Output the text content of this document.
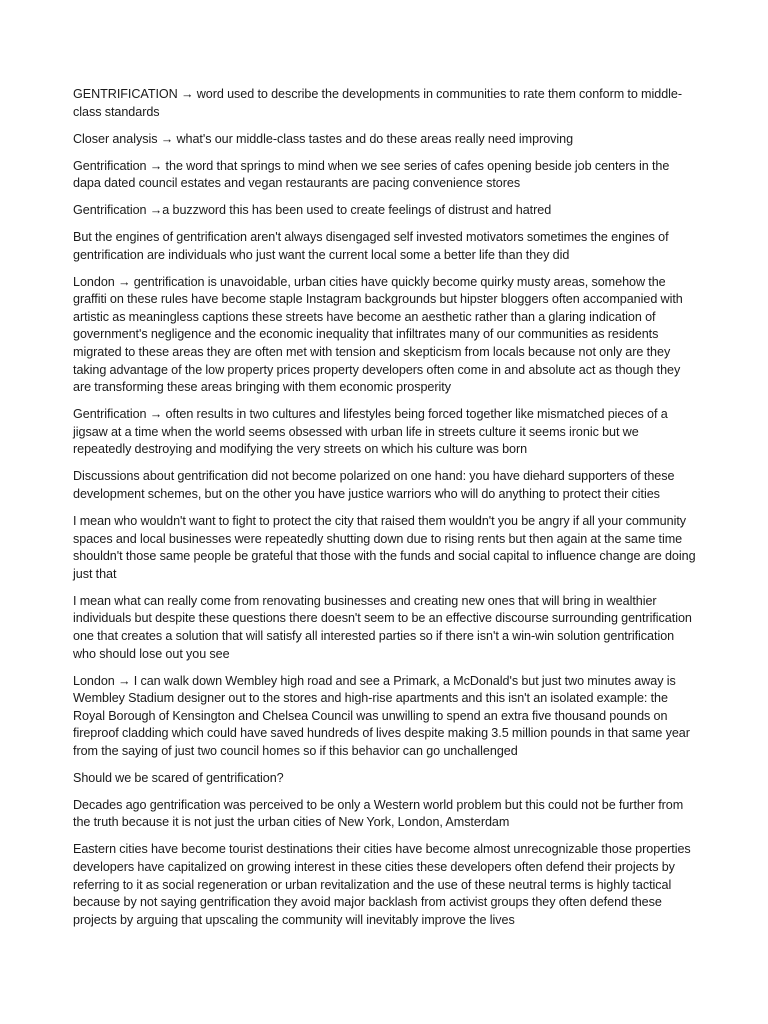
GENTRIFICATION → word used to describe the developments in communities to rate them conform to middle-class standards

Closer analysis → what's our middle-class tastes and do these areas really need improving

Gentrification → the word that springs to mind when we see series of cafes opening beside job centers in the dapa dated council estates and vegan restaurants are pacing convenience stores

Gentrification →a buzzword this has been used to create feelings of distrust and hatred

But the engines of gentrification aren't always disengaged self invested motivators sometimes the engines of gentrification are individuals who just want the current local some a better life than they did

London → gentrification is unavoidable, urban cities have quickly become quirky musty areas, somehow the graffiti on these rules have become staple Instagram backgrounds but hipster bloggers often accompanied with artistic as meaningless captions these streets have become an aesthetic rather than a glaring indication of government's negligence and the economic inequality that infiltrates many of our communities as residents migrated to these areas they are often met with tension and skepticism from locals because not only are they taking advantage of the low property prices property developers often come in and absolute act as though they are transforming these areas bringing with them economic prosperity

Gentrification → often results in two cultures and lifestyles being forced together like mismatched pieces of a jigsaw at a time when the world seems obsessed with urban life in streets culture it seems ironic but we repeatedly destroying and modifying the very streets on which his culture was born

Discussions about gentrification did not become polarized on one hand: you have diehard supporters of these development schemes, but on the other you have justice warriors who will do anything to protect their cities

I mean who wouldn't want to fight to protect the city that raised them wouldn't you be angry if all your community spaces and local businesses were repeatedly shutting down due to rising rents but then again at the same time shouldn't those same people be grateful that those with the funds and social capital to influence change are doing just that

I mean what can really come from renovating businesses and creating new ones that will bring in wealthier individuals but despite these questions there doesn't seem to be an effective discourse surrounding gentrification one that creates a solution that will satisfy all interested parties so if there isn't a win-win solution gentrification who should lose out you see

London → I can walk down Wembley high road and see a Primark, a McDonald's but just two minutes away is Wembley Stadium designer out to the stores and high-rise apartments and this isn't an isolated example: the Royal Borough of Kensington and Chelsea Council was unwilling to spend an extra five thousand pounds on fireproof cladding which could have saved hundreds of lives despite making 3.5 million pounds in that same year from the saying of just two council homes so if this behavior can go unchallenged

Should we be scared of gentrification?

Decades ago gentrification was perceived to be only a Western world problem but this could not be further from the truth because it is not just the urban cities of New York, London, Amsterdam

Eastern cities have become tourist destinations their cities have become almost unrecognizable those properties developers have capitalized on growing interest in these cities these developers often defend their projects by referring to it as social regeneration or urban revitalization and the use of these neutral terms is highly tactical because by not saying gentrification they avoid major backlash from activist groups they often defend these projects by arguing that upscaling the community will inevitably improve the lives
